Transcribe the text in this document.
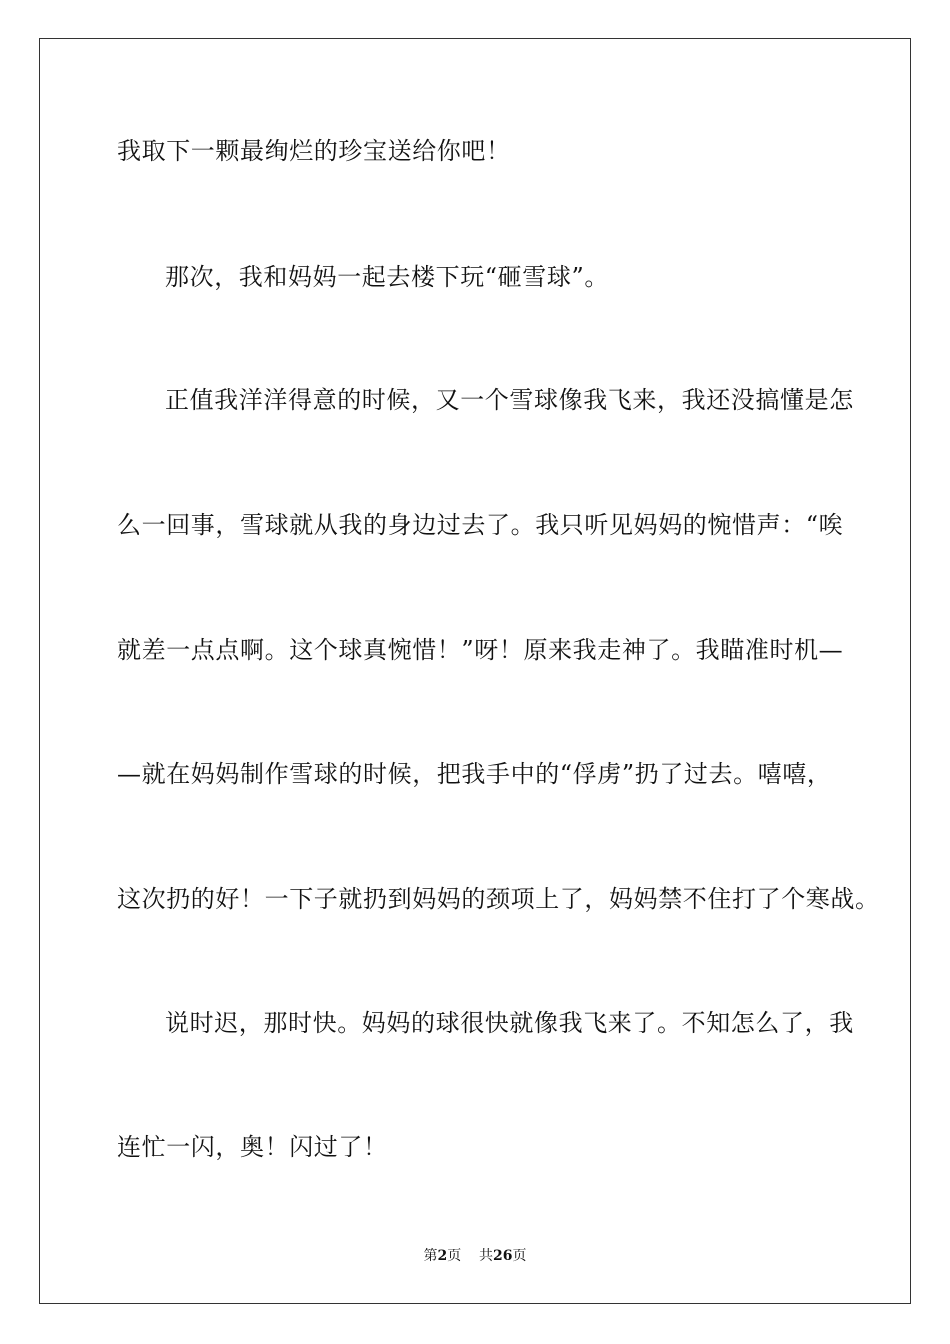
我取下一颗最绚烂的珍宝送给你吧！
那次，我和妈妈一起去楼下玩“砸雪球”。
正值我洋洋得意的时候，又一个雪球像我飞来，我还没搞懂是怎
么一回事，雪球就从我的身边过去了。我只听见妈妈的惋惜声：“唉
就差一点点啊。这个球真惋惜！”呀！原来我走神了。我瞄准时机—
—就在妈妈制作雪球的时候，把我手中的“俘虏”扔了过去。嘻嘻，
这次扔的好！一下子就扔到妈妈的颈项上了，妈妈禁不住打了个寒战。
说时迟，那时快。妈妈的球很快就像我飞来了。不知怎么了，我
连忙一闪，奥！闪过了！
第2页 共26页
